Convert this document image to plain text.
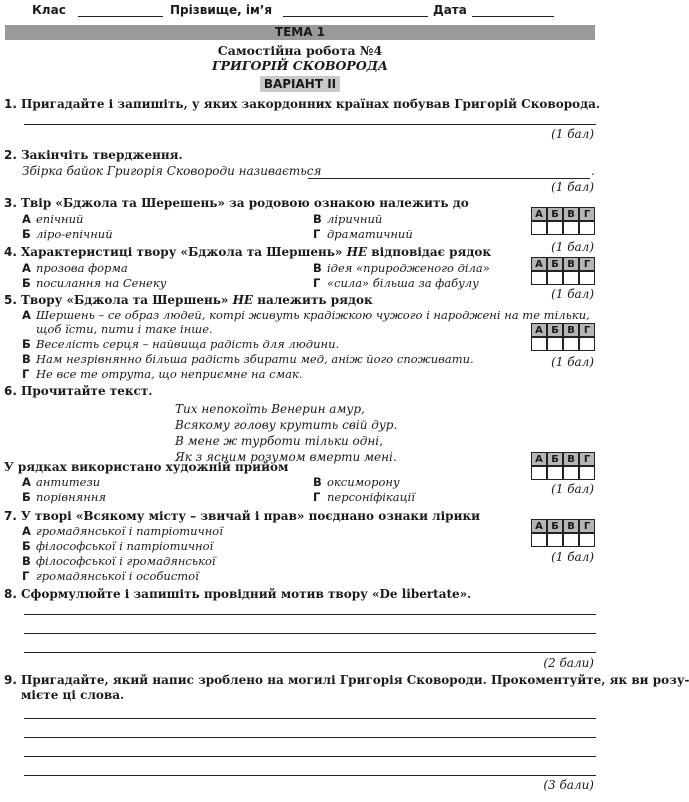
Клас	Прізвище, ім’я	Дата
ТЕМА 1
Самостійна робота №4
ГРИГОРІЙ СКОВОРОДА
ВАРІАНТ II
1. Пригадайте і запишіть, у яких закордонних країнах побував Григорій Сковорода.
(1 бал)
2. Закінчіть твердження.
Збірка байок Григорія Сковороди називається	.
(1 бал)
3. Твір «Бджола та Шерешень» за родовою ознакою належить до
А епічний
Б ліро-епічний
В ліричний
Г драматичний
А Б В Г
(1 бал)
4. Характеристиці твору «Бджола та Шершень» НЕ відповідає рядок
А прозова форма
Б посилання на Сенеку
В ідея «природженого діла»
Г «сила» більша за фабулу
А Б В Г
(1 бал)
5. Твору «Бджола та Шершень» НЕ належить рядок
А Шершень – се образ людей, котрі живуть крадіжкою чужого і народжені на те тільки,
щоб їсти, пити і таке інше.
Б Веселість серця – найвища радість для людини.
В Нам незрівнянно більша радість збирати мед, аніж його споживати.
Г Не все те отрута, що неприємне на смак.
А Б В Г
(1 бал)
6. Прочитайте текст.
Тих непокоїть Венерин амур,
Всякому голову крутить свій дур.
В мене ж турботи тільки одні,
Як з ясним розумом вмерти мені.
У рядках використано художній прийом
А антитези
Б порівняння
В оксиморону
Г персоніфікації
А Б В Г
(1 бал)
7. У творі «Всякому місту – звичай і прав» поєднано ознаки лірики
А громадянської і патріотичної
Б філософської і патріотичної
В філософської і громадянської
Г громадянської і особистої
А Б В Г
(1 бал)
8. Сформулюйте і запишіть провідний мотив твору «De libertate».
(2 бали)
9. Пригадайте, який напис зроблено на могилі Григорія Сковороди. Прокоментуйте, як ви розу-
мієте ці слова.
(3 бали)
